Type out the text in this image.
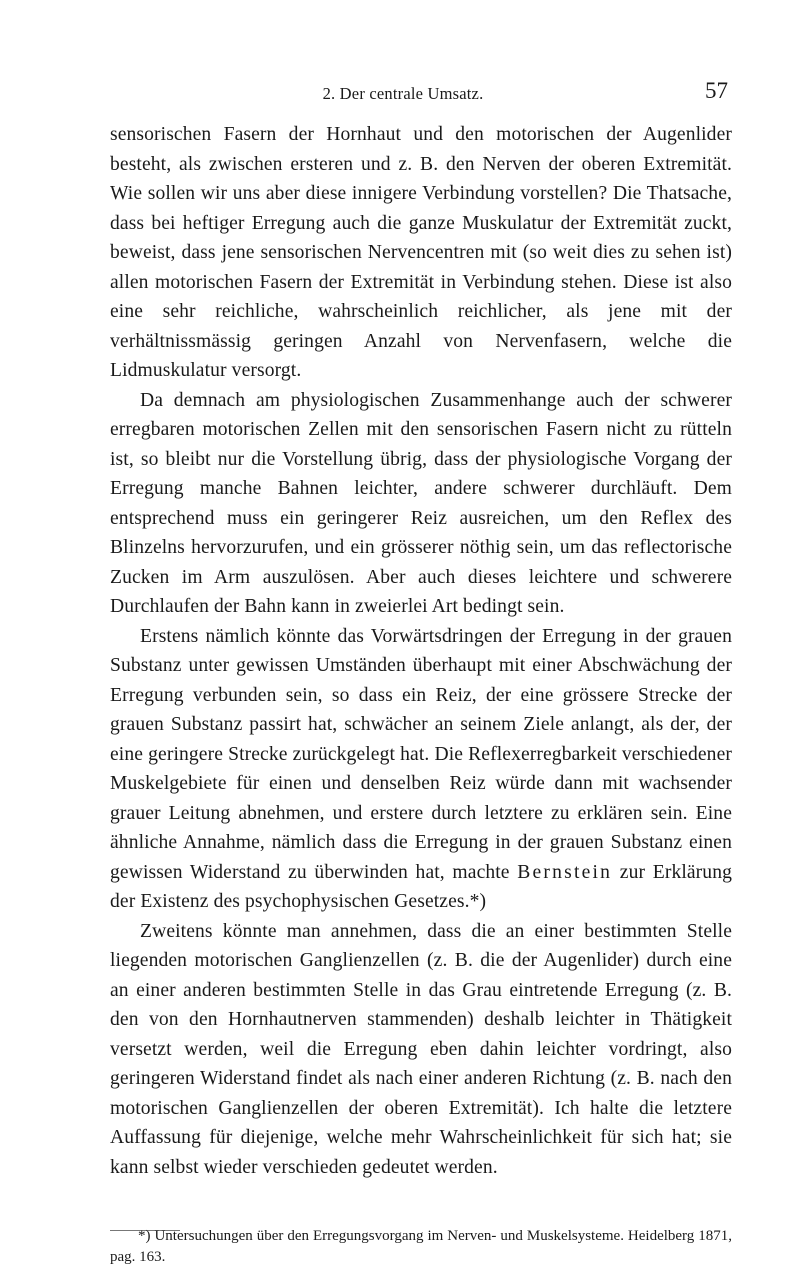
2. Der centrale Umsatz.	57

sensorischen Fasern der Hornhaut und den motorischen der Augenlider besteht, als zwischen ersteren und z. B. den Nerven der oberen Extremität. Wie sollen wir uns aber diese innigere Verbindung vorstellen? Die Thatsache, dass bei heftiger Erregung auch die ganze Muskulatur der Extremität zuckt, beweist, dass jene sensorischen Nervencentren mit (so weit dies zu sehen ist) allen motorischen Fasern der Extremität in Verbindung stehen. Diese ist also eine sehr reichliche, wahrscheinlich reichlicher, als jene mit der verhältnissmässig geringen Anzahl von Nervenfasern, welche die Lidmuskulatur versorgt.

Da demnach am physiologischen Zusammenhange auch der schwerer erregbaren motorischen Zellen mit den sensorischen Fasern nicht zu rütteln ist, so bleibt nur die Vorstellung übrig, dass der physiologische Vorgang der Erregung manche Bahnen leichter, andere schwerer durchläuft. Dem entsprechend muss ein geringerer Reiz ausreichen, um den Reflex des Blinzelns hervorzurufen, und ein grösserer nöthig sein, um das reflectorische Zucken im Arm auszulösen. Aber auch dieses leichtere und schwerere Durchlaufen der Bahn kann in zweierlei Art bedingt sein.

Erstens nämlich könnte das Vorwärtsdringen der Erregung in der grauen Substanz unter gewissen Umständen überhaupt mit einer Abschwächung der Erregung verbunden sein, so dass ein Reiz, der eine grössere Strecke der grauen Substanz passirt hat, schwächer an seinem Ziele anlangt, als der, der eine geringere Strecke zurückgelegt hat. Die Reflexerregbarkeit verschiedener Muskelgebiete für einen und denselben Reiz würde dann mit wachsender grauer Leitung abnehmen, und erstere durch letztere zu erklären sein. Eine ähnliche Annahme, nämlich dass die Erregung in der grauen Substanz einen gewissen Widerstand zu überwinden hat, machte Bernstein zur Erklärung der Existenz des psychophysischen Gesetzes.*)

Zweitens könnte man annehmen, dass die an einer bestimmten Stelle liegenden motorischen Ganglienzellen (z. B. die der Augenlider) durch eine an einer anderen bestimmten Stelle in das Grau eintretende Erregung (z. B. den von den Hornhautnerven stammenden) deshalb leichter in Thätigkeit versetzt werden, weil die Erregung eben dahin leichter vordringt, also geringeren Widerstand findet als nach einer anderen Richtung (z. B. nach den motorischen Ganglienzellen der oberen Extremität). Ich halte die letztere Auffassung für diejenige, welche mehr Wahrscheinlichkeit für sich hat; sie kann selbst wieder verschieden gedeutet werden.

*) Untersuchungen über den Erregungsvorgang im Nerven- und Muskelsysteme. Heidelberg 1871, pag. 163.
